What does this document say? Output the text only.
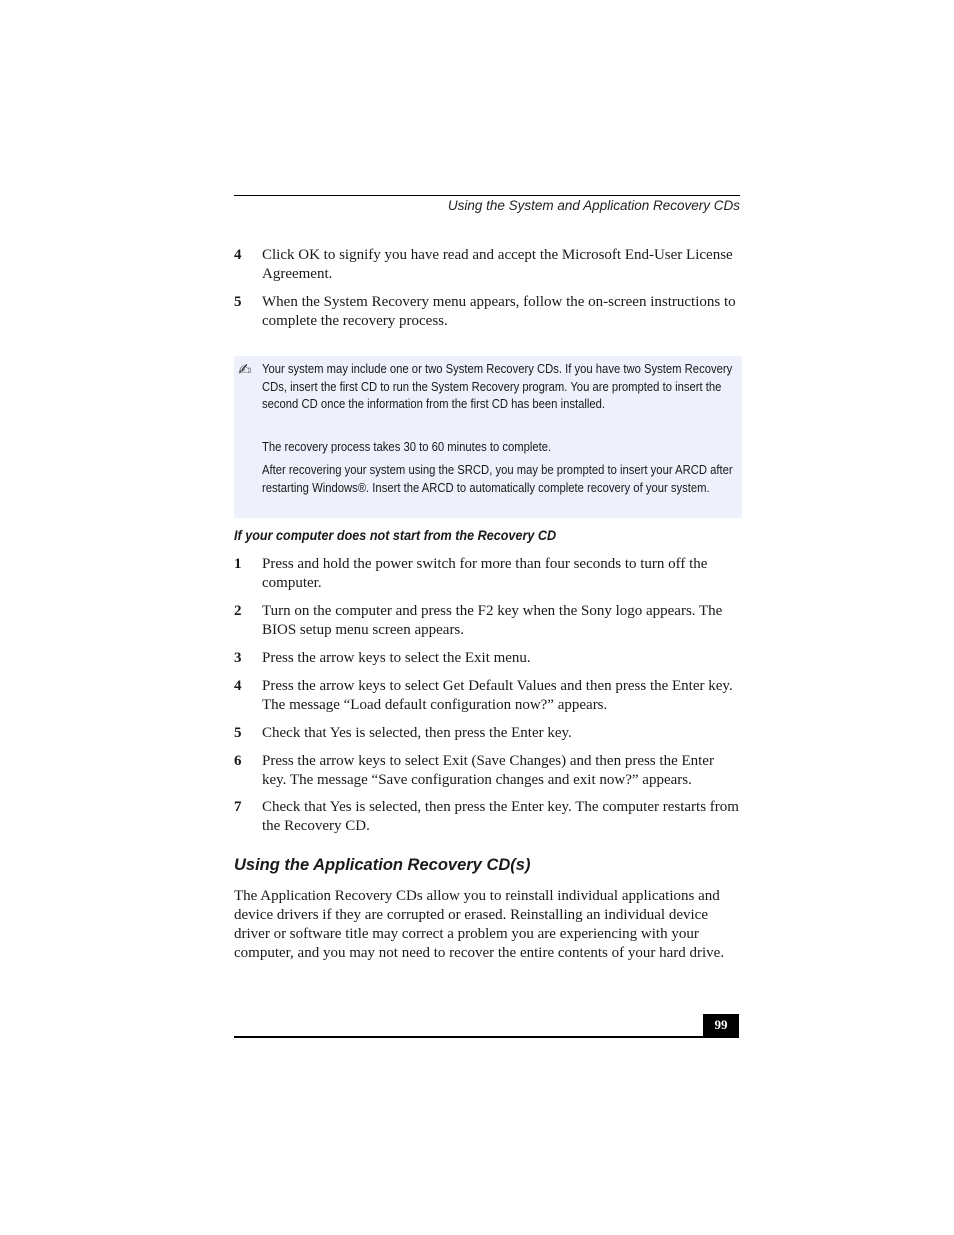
Using the System and Application Recovery CDs
4 Click OK to signify you have read and accept the Microsoft End-User License Agreement.
5 When the System Recovery menu appears, follow the on-screen instructions to complete the recovery process.
✍ Your system may include one or two System Recovery CDs. If you have two System Recovery CDs, insert the first CD to run the System Recovery program. You are prompted to insert the second CD once the information from the first CD has been installed.

The recovery process takes 30 to 60 minutes to complete.

After recovering your system using the SRCD, you may be prompted to insert your ARCD after restarting Windows®. Insert the ARCD to automatically complete recovery of your system.

If your computer does not start from the Recovery CD
1 Press and hold the power switch for more than four seconds to turn off the computer.
2 Turn on the computer and press the F2 key when the Sony logo appears. The BIOS setup menu screen appears.
3 Press the arrow keys to select the Exit menu.
4 Press the arrow keys to select Get Default Values and then press the Enter key. The message “Load default configuration now?” appears.
5 Check that Yes is selected, then press the Enter key.
6 Press the arrow keys to select Exit (Save Changes) and then press the Enter key. The message “Save configuration changes and exit now?” appears.
7 Check that Yes is selected, then press the Enter key. The computer restarts from the Recovery CD.
Using the Application Recovery CD(s)
The Application Recovery CDs allow you to reinstall individual applications and device drivers if they are corrupted or erased. Reinstalling an individual device driver or software title may correct a problem you are experiencing with your computer, and you may not need to recover the entire contents of your hard drive.
99
